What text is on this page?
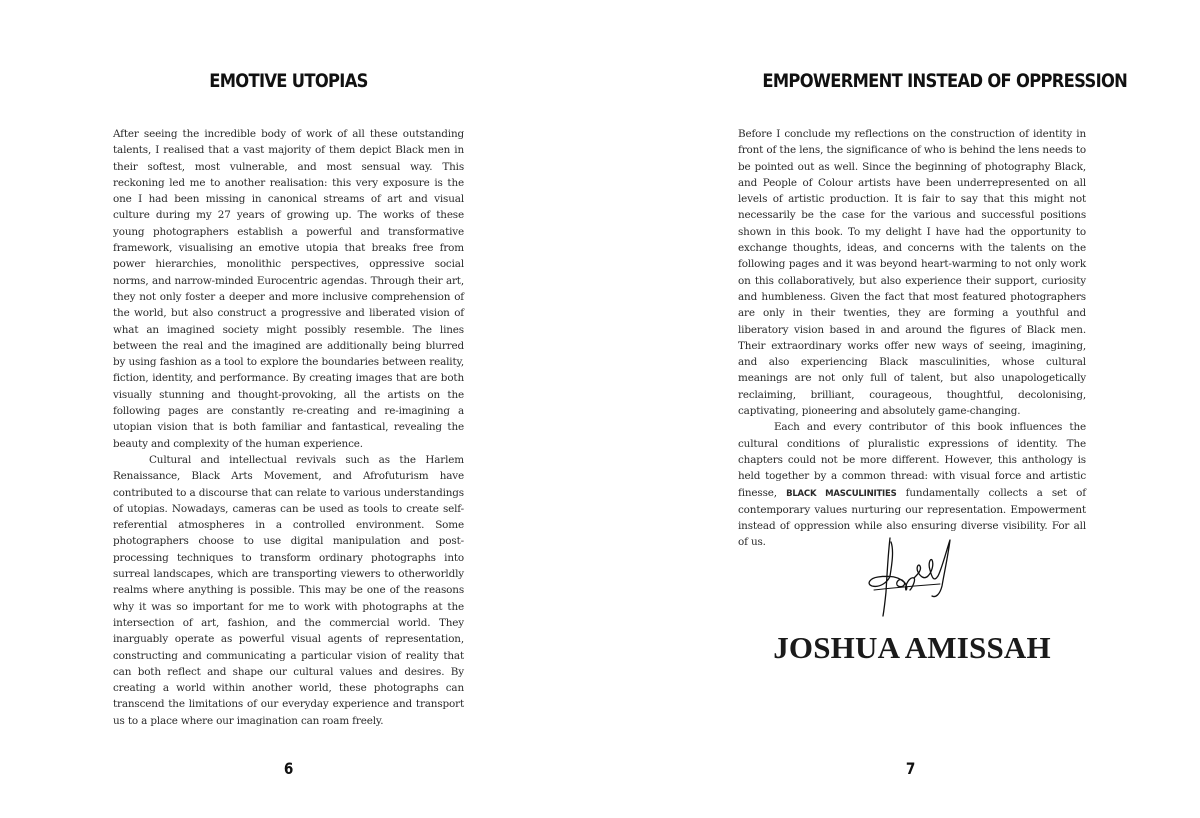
EMOTIVE UTOPIAS

After seeing the incredible body of work of all these outstanding talents, I realised that a vast majority of them depict Black men in their softest, most vulnerable, and most sensual way. This reckoning led me to another realisation: this very exposure is the one I had been missing in canonical streams of art and visual culture during my 27 years of growing up. The works of these young photographers establish a powerful and transformative framework, visualising an emotive utopia that breaks free from power hierarchies, monolithic perspectives, oppressive social norms, and narrow-minded Eurocentric agendas. Through their art, they not only foster a deeper and more inclusive comprehension of the world, but also construct a progressive and liberated vision of what an imagined society might possibly resemble. The lines between the real and the imagined are additionally being blurred by using fashion as a tool to explore the boundaries between reality, fiction, identity, and performance. By creating images that are both visually stunning and thought-provoking, all the artists on the following pages are constantly re-creating and re-imagining a utopian vision that is both familiar and fantastical, revealing the beauty and complexity of the human experience.

Cultural and intellectual revivals such as the Harlem Renaissance, Black Arts Movement, and Afrofuturism have contributed to a discourse that can relate to various understandings of utopias. Nowadays, cameras can be used as tools to create self-referential atmospheres in a controlled environment. Some photographers choose to use digital manipulation and post-processing techniques to transform ordinary photographs into surreal landscapes, which are transporting viewers to otherworldly realms where anything is possible. This may be one of the reasons why it was so important for me to work with photographs at the intersection of art, fashion, and the commercial world. They inarguably operate as powerful visual agents of representation, constructing and communicating a particular vision of reality that can both reflect and shape our cultural values and desires. By creating a world within another world, these photographs can transcend the limitations of our everyday experience and transport us to a place where our imagination can roam freely.

6
EMPOWERMENT INSTEAD OF OPPRESSION

Before I conclude my reflections on the construction of identity in front of the lens, the significance of who is behind the lens needs to be pointed out as well. Since the beginning of photography Black, and People of Colour artists have been underrepresented on all levels of artistic production. It is fair to say that this might not necessarily be the case for the various and successful positions shown in this book. To my delight I have had the opportunity to exchange thoughts, ideas, and concerns with the talents on the following pages and it was beyond heart-warming to not only work on this collaboratively, but also experience their support, curiosity and humbleness. Given the fact that most featured photographers are only in their twenties, they are forming a youthful and liberatory vision based in and around the figures of Black men. Their extraordinary works offer new ways of seeing, imagining, and also experiencing Black masculinities, whose cultural meanings are not only full of talent, but also unapologetically reclaiming, brilliant, courageous, thoughtful, decolonising, captivating, pioneering and absolutely game-changing.

Each and every contributor of this book influences the cultural conditions of pluralistic expressions of identity. The chapters could not be more different. However, this anthology is held together by a common thread: with visual force and artistic finesse, BLACK MASCULINITIES fundamentally collects a set of contemporary values nurturing our representation. Empowerment instead of oppression while also ensuring diverse visibility. For all of us.

JOSHUA AMISSAH
7
